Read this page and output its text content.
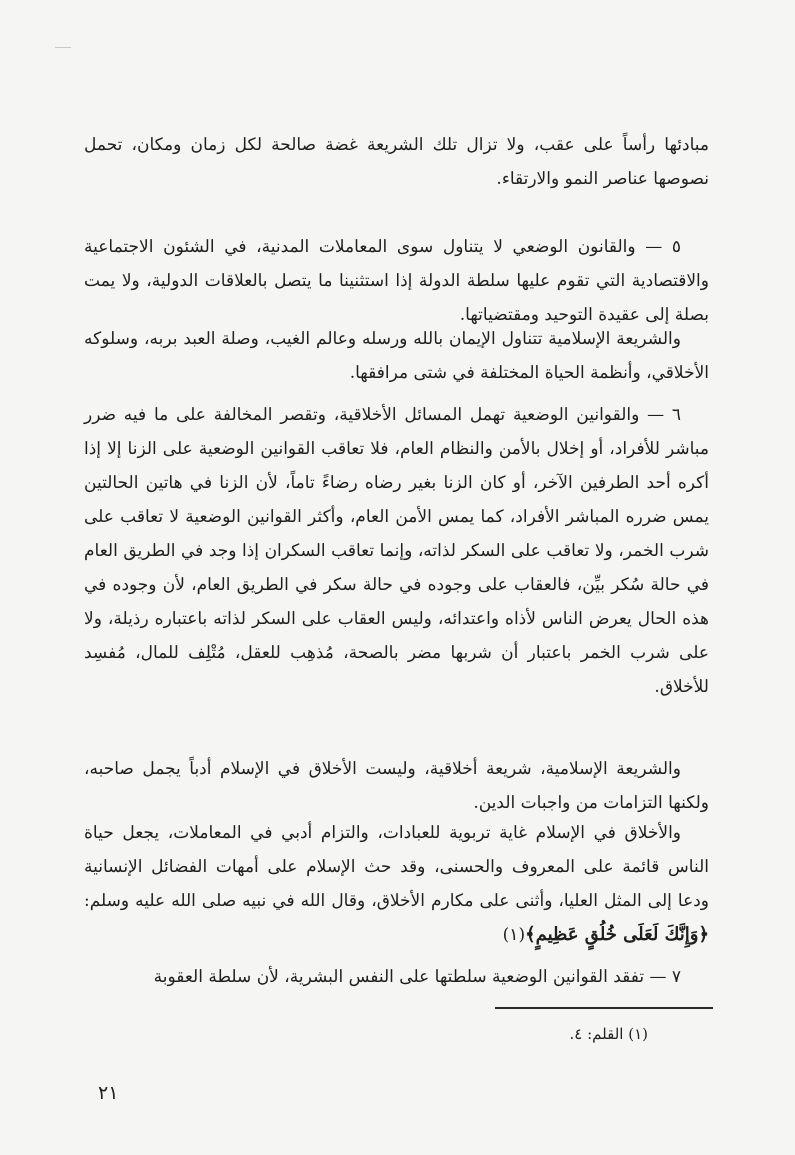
مبادئها رأساً على عقب، ولا تزال تلك الشريعة غضة صالحة لكل زمان ومكان، تحمل نصوصها عناصر النمو والارتقاء.

٥ — والقانون الوضعي لا يتناول سوى المعاملات المدنية، في الشئون الاجتماعية والاقتصادية التي تقوم عليها سلطة الدولة إذا استثنينا ما يتصل بالعلاقات الدولية، ولا يمت بصلة إلى عقيدة التوحيد ومقتضياتها.

والشريعة الإسلامية تتناول الإيمان بالله ورسله وعالم الغيب، وصلة العبد بربه، وسلوكه الأخلاقي، وأنظمة الحياة المختلفة في شتى مرافقها.

٦ — والقوانين الوضعية تهمل المسائل الأخلاقية، وتقصر المخالفة على ما فيه ضرر مباشر للأفراد، أو إخلال بالأمن والنظام العام، فلا تعاقب القوانين الوضعية على الزنا إلا إذا أكره أحد الطرفين الآخر، أو كان الزنا بغير رضاه رضاءً تاماً، لأن الزنا في هاتين الحالتين يمس ضرره المباشر الأفراد، كما يمس الأمن العام، وأكثر القوانين الوضعية لا تعاقب على شرب الخمر، ولا تعاقب على السكر لذاته، وإنما تعاقب السكران إذا وجد في الطريق العام في حالة سُكر بيِّن، فالعقاب على وجوده في حالة سكر في الطريق العام، لأن وجوده في هذه الحال يعرض الناس لأذاه واعتدائه، وليس العقاب على السكر لذاته باعتباره رذيلة، ولا على شرب الخمر باعتبار أن شربها مضر بالصحة، مُذهِب للعقل، مُتْلِف للمال، مُفسِد للأخلاق.

والشريعة الإسلامية، شريعة أخلاقية، وليست الأخلاق في الإسلام أدباً يجمل صاحبه، ولكنها التزامات من واجبات الدين.

والأخلاق في الإسلام غاية تربوية للعبادات، والتزام أدبي في المعاملات، يجعل حياة الناس قائمة على المعروف والحسنى، وقد حث الإسلام على أمهات الفضائل الإنسانية ودعا إلى المثل العليا، وأثنى على مكارم الأخلاق، وقال الله في نبيه صلى الله عليه وسلم: ﴿وَإِنَّكَ لَعَلَى خُلُقٍ عَظِيمٍ﴾(١)

٧ — تفقد القوانين الوضعية سلطتها على النفس البشرية، لأن سلطة العقوبة

(١) القلم: ٤.
٢١
